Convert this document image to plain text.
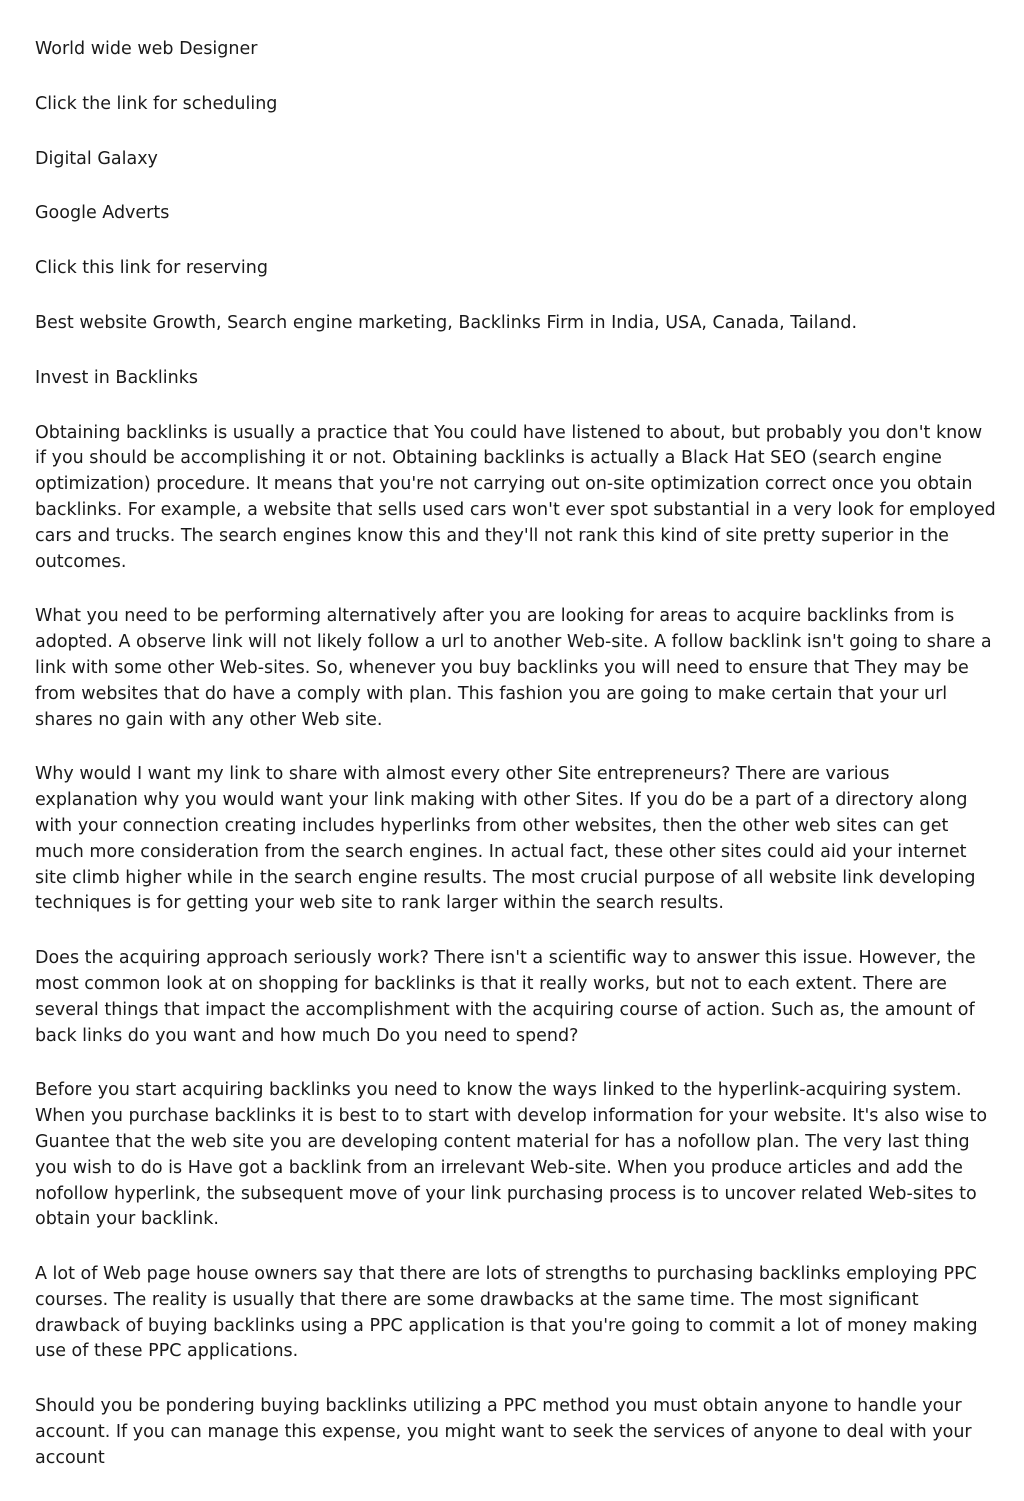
World wide web Designer

Click the link for scheduling

Digital Galaxy

Google Adverts

Click this link for reserving

Best website Growth, Search engine marketing, Backlinks Firm in India, USA, Canada, Tailand.

Invest in Backlinks

Obtaining backlinks is usually a practice that You could have listened to about, but probably you don't know if you should be accomplishing it or not. Obtaining backlinks is actually a Black Hat SEO (search engine optimization) procedure. It means that you're not carrying out on-site optimization correct once you obtain backlinks. For example, a website that sells used cars won't ever spot substantial in a very look for employed cars and trucks. The search engines know this and they'll not rank this kind of site pretty superior in the outcomes.

What you need to be performing alternatively after you are looking for areas to acquire backlinks from is adopted. A observe link will not likely follow a url to another Web-site. A follow backlink isn't going to share a link with some other Web-sites. So, whenever you buy backlinks you will need to ensure that They may be from websites that do have a comply with plan. This fashion you are going to make certain that your url shares no gain with any other Web site.

Why would I want my link to share with almost every other Site entrepreneurs? There are various explanation why you would want your link making with other Sites. If you do be a part of a directory along with your connection creating includes hyperlinks from other websites, then the other web sites can get much more consideration from the search engines. In actual fact, these other sites could aid your internet site climb higher while in the search engine results. The most crucial purpose of all website link developing techniques is for getting your web site to rank larger within the search results.

Does the acquiring approach seriously work? There isn't a scientific way to answer this issue. However, the most common look at on shopping for backlinks is that it really works, but not to each extent. There are several things that impact the accomplishment with the acquiring course of action. Such as, the amount of back links do you want and how much Do you need to spend?

Before you start acquiring backlinks you need to know the ways linked to the hyperlink-acquiring system. When you purchase backlinks it is best to to start with develop information for your website. It's also wise to Guantee that the web site you are developing content material for has a nofollow plan. The very last thing you wish to do is Have got a backlink from an irrelevant Web-site. When you produce articles and add the nofollow hyperlink, the subsequent move of your link purchasing process is to uncover related Web-sites to obtain your backlink.

A lot of Web page house owners say that there are lots of strengths to purchasing backlinks employing PPC courses. The reality is usually that there are some drawbacks at the same time. The most significant drawback of buying backlinks using a PPC application is that you're going to commit a lot of money making use of these PPC applications.

Should you be pondering buying backlinks utilizing a PPC method you must obtain anyone to handle your account. If you can manage this expense, you might want to seek the services of anyone to deal with your account
